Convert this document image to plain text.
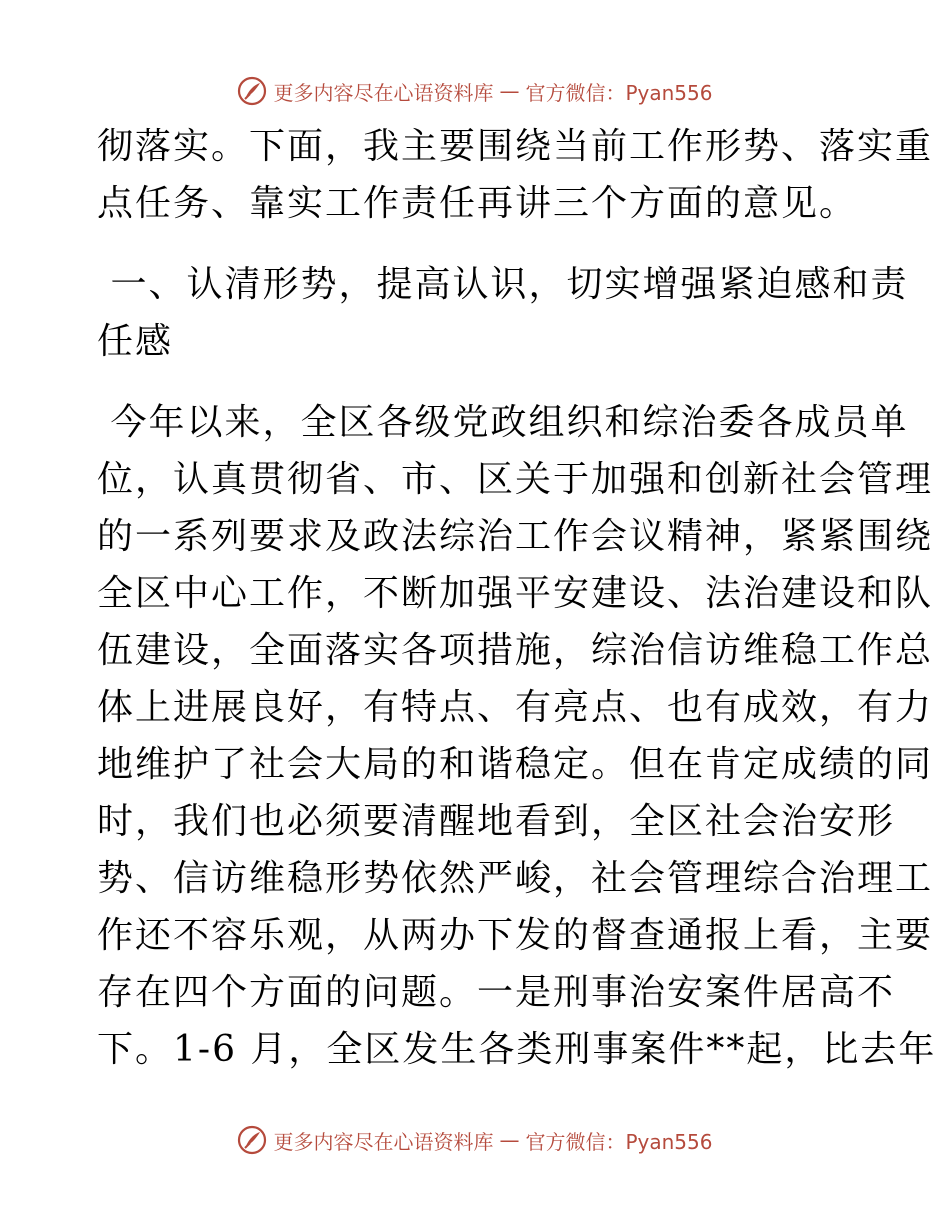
更多内容尽在心语资料库 — 官方微信：Pyan556
彻落实。下面，我主要围绕当前工作形势、落实重
点任务、靠实工作责任再讲三个方面的意见。
一、认清形势，提高认识，切实增强紧迫感和责
任感
今年以来，全区各级党政组织和综治委各成员单
位，认真贯彻省、市、区关于加强和创新社会管理
的一系列要求及政法综治工作会议精神，紧紧围绕
全区中心工作，不断加强平安建设、法治建设和队
伍建设，全面落实各项措施，综治信访维稳工作总
体上进展良好，有特点、有亮点、也有成效，有力
地维护了社会大局的和谐稳定。但在肯定成绩的同
时，我们也必须要清醒地看到，全区社会治安形
势、信访维稳形势依然严峻，社会管理综合治理工
作还不容乐观，从两办下发的督查通报上看，主要
存在四个方面的问题。一是刑事治安案件居高不
下。1-6 月，全区发生各类刑事案件**起，比去年
更多内容尽在心语资料库 — 官方微信：Pyan556
